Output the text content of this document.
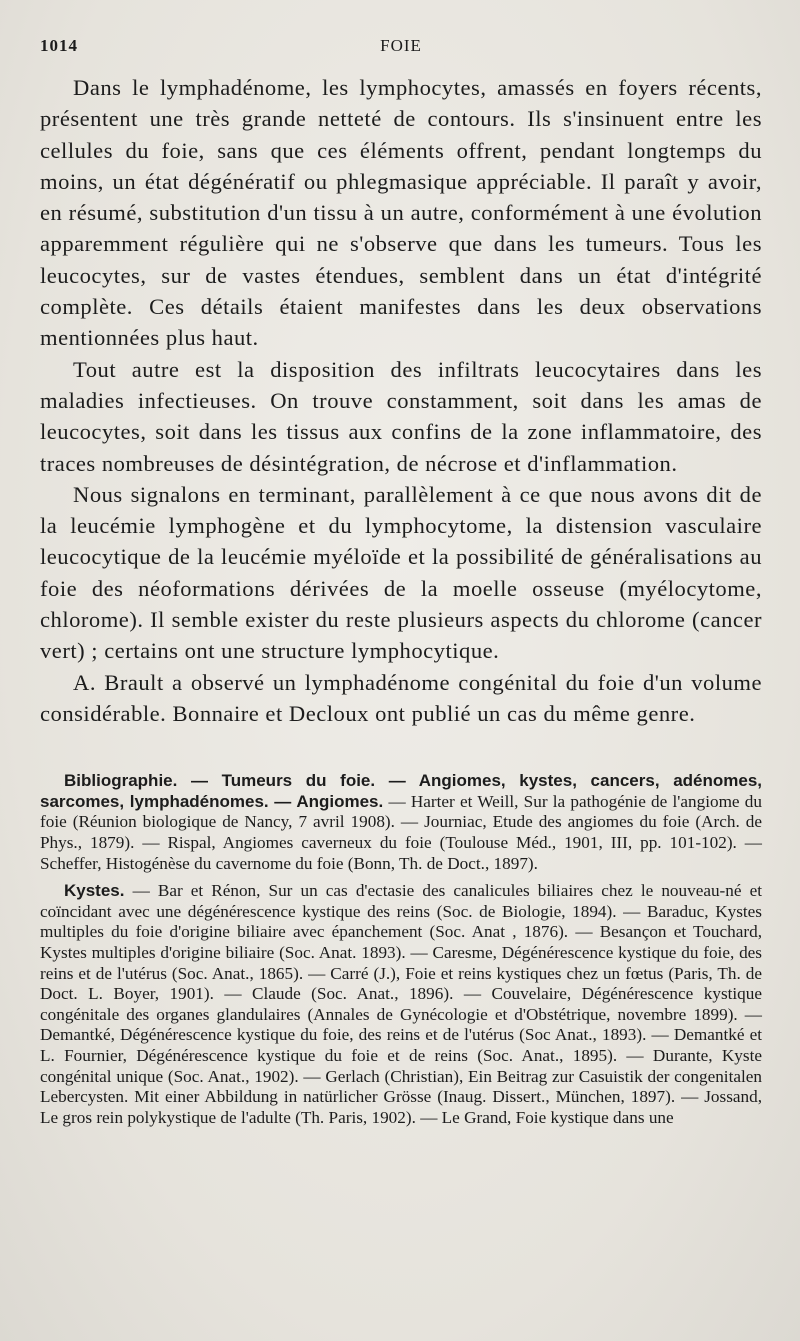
1014	FOIE

Dans le lymphadénome, les lymphocytes, amassés en foyers récents, présentent une très grande netteté de contours. Ils s'insinuent entre les cellules du foie, sans que ces éléments offrent, pendant longtemps du moins, un état dégénératif ou phlegmasique appréciable. Il paraît y avoir, en résumé, substitution d'un tissu à un autre, conformément à une évolution apparemment régulière qui ne s'observe que dans les tumeurs. Tous les leucocytes, sur de vastes étendues, semblent dans un état d'intégrité complète. Ces détails étaient manifestes dans les deux observations mentionnées plus haut.

Tout autre est la disposition des infiltrats leucocytaires dans les maladies infectieuses. On trouve constamment, soit dans les amas de leucocytes, soit dans les tissus aux confins de la zone inflammatoire, des traces nombreuses de désintégration, de nécrose et d'inflammation.

Nous signalons en terminant, parallèlement à ce que nous avons dit de la leucémie lymphogène et du lymphocytome, la distension vasculaire leucocytique de la leucémie myéloïde et la possibilité de généralisations au foie des néoformations dérivées de la moelle osseuse (myélocytome, chlorome). Il semble exister du reste plusieurs aspects du chlorome (cancer vert) ; certains ont une structure lymphocytique.

A. Brault a observé un lymphadénome congénital du foie d'un volume considérable. Bonnaire et Decloux ont publié un cas du même genre.

Bibliographie. — Tumeurs du foie. — Angiomes, kystes, cancers, adénomes, sarcomes, lymphadénomes. — Angiomes. — Harter et Weill, Sur la pathogénie de l'angiome du foie (Réunion biologique de Nancy, 7 avril 1908). — Journiac, Etude des angiomes du foie (Arch. de Phys., 1879). — Rispal, Angiomes caverneux du foie (Toulouse Méd., 1901, III, pp. 101-102). — Scheffer, Histogénèse du cavernome du foie (Bonn, Th. de Doct., 1897).

Kystes. — Bar et Rénon, Sur un cas d'ectasie des canalicules biliaires chez le nouveau-né et coïncidant avec une dégénérescence kystique des reins (Soc. de Biologie, 1894). — Baraduc, Kystes multiples du foie d'origine biliaire avec épanchement (Soc. Anat , 1876). — Besançon et Touchard, Kystes multiples d'origine biliaire (Soc. Anat. 1893). — Caresme, Dégénérescence kystique du foie, des reins et de l'utérus (Soc. Anat., 1865). — Carré (J.), Foie et reins kystiques chez un fœtus (Paris, Th. de Doct. L. Boyer, 1901). — Claude (Soc. Anat., 1896). — Couvelaire, Dégénérescence kystique congénitale des organes glandulaires (Annales de Gynécologie et d'Obstétrique, novembre 1899). — Demantké, Dégénérescence kystique du foie, des reins et de l'utérus (Soc Anat., 1893). — Demantké et L. Fournier, Dégénérescence kystique du foie et de reins (Soc. Anat., 1895). — Durante, Kyste congénital unique (Soc. Anat., 1902). — Gerlach (Christian), Ein Beitrag zur Casuistik der congenitalen Lebercysten. Mit einer Abbildung in natürlicher Grösse (Inaug. Dissert., München, 1897). — Jossand, Le gros rein polykystique de l'adulte (Th. Paris, 1902). — Le Grand, Foie kystique dans une
